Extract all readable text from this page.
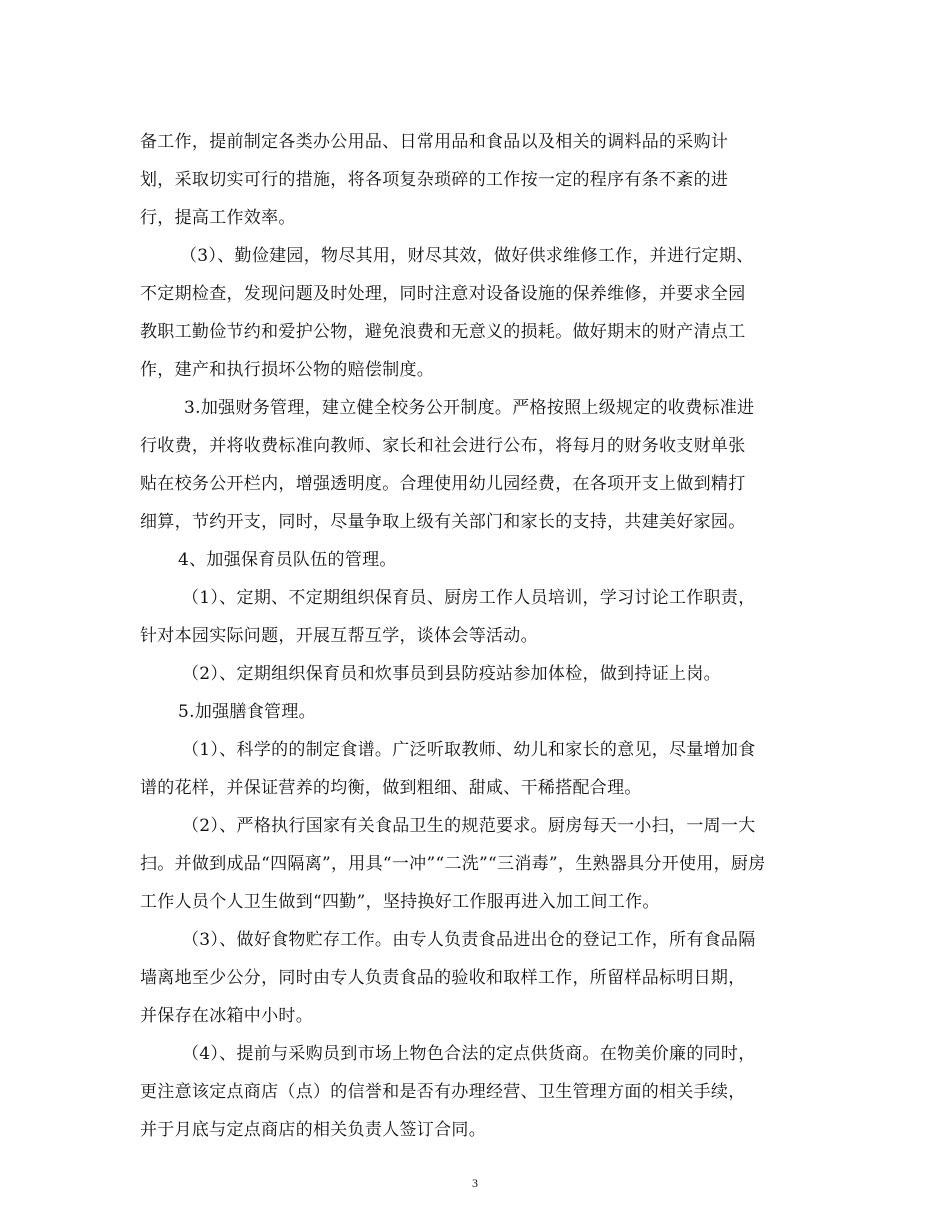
备工作，提前制定各类办公用品、日常用品和食品以及相关的调料品的采购计
划，采取切实可行的措施，将各项复杂琐碎的工作按一定的程序有条不紊的进
行，提高工作效率。
（3）、勤俭建园，物尽其用，财尽其效，做好供求维修工作，并进行定期、
不定期检查，发现问题及时处理，同时注意对设备设施的保养维修，并要求全园
教职工勤俭节约和爱护公物，避免浪费和无意义的损耗。做好期末的财产清点工
作，建产和执行损坏公物的赔偿制度。
3.加强财务管理，建立健全校务公开制度。严格按照上级规定的收费标准进
行收费，并将收费标准向教师、家长和社会进行公布，将每月的财务收支财单张
贴在校务公开栏内，增强透明度。合理使用幼儿园经费，在各项开支上做到精打
细算，节约开支，同时，尽量争取上级有关部门和家长的支持，共建美好家园。
4、加强保育员队伍的管理。
（1）、定期、不定期组织保育员、厨房工作人员培训，学习讨论工作职责，
针对本园实际问题，开展互帮互学，谈体会等活动。
（2）、定期组织保育员和炊事员到县防疫站参加体检，做到持证上岗。
5.加强膳食管理。
（1）、科学的的制定食谱。广泛听取教师、幼儿和家长的意见，尽量增加食
谱的花样，并保证营养的均衡，做到粗细、甜咸、干稀搭配合理。
（2）、严格执行国家有关食品卫生的规范要求。厨房每天一小扫，一周一大
扫。并做到成品“四隔离”，用具“一冲”“二洗”“三消毒”，生熟器具分开使用，厨房
工作人员个人卫生做到“四勤”，坚持换好工作服再进入加工间工作。
（3）、做好食物贮存工作。由专人负责食品进出仓的登记工作，所有食品隔
墙离地至少公分，同时由专人负责食品的验收和取样工作，所留样品标明日期，
并保存在冰箱中小时。
（4）、提前与采购员到市场上物色合法的定点供货商。在物美价廉的同时，
更注意该定点商店（点）的信誉和是否有办理经营、卫生管理方面的相关手续，
并于月底与定点商店的相关负责人签订合同。
3
